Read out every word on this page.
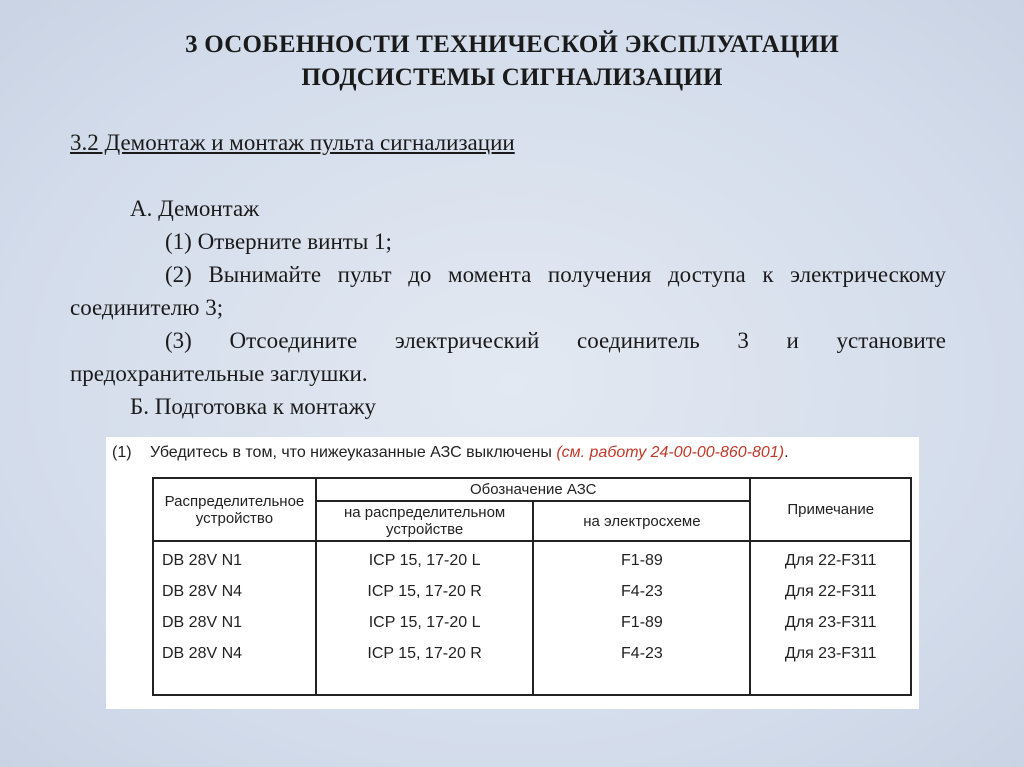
3 ОСОБЕННОСТИ ТЕХНИЧЕСКОЙ ЭКСПЛУАТАЦИИ
ПОДСИСТЕМЫ СИГНАЛИЗАЦИИ
3.2 Демонтаж и монтаж пульта сигнализации
А. Демонтаж
(1) Отверните винты 1;
(2) Вынимайте пульт до момента получения доступа к электрическому соединителю 3;
(3) Отсоедините электрический соединитель 3 и установите предохранительные заглушки.
Б. Подготовка к монтажу
(1) Убедитесь в том, что нижеуказанные АЗС выключены (см. работу 24-00-00-860-801).
Распределительное устройство	Обозначение АЗС		Примечание
	на распределительном устройстве	на электросхеме	
DB 28V N1	ICP 15, 17-20 L	F1-89	Для 22-F311
DB 28V N4	ICP 15, 17-20 R	F4-23	Для 22-F311
DB 28V N1	ICP 15, 17-20 L	F1-89	Для 23-F311
DB 28V N4	ICP 15, 17-20 R	F4-23	Для 23-F311
